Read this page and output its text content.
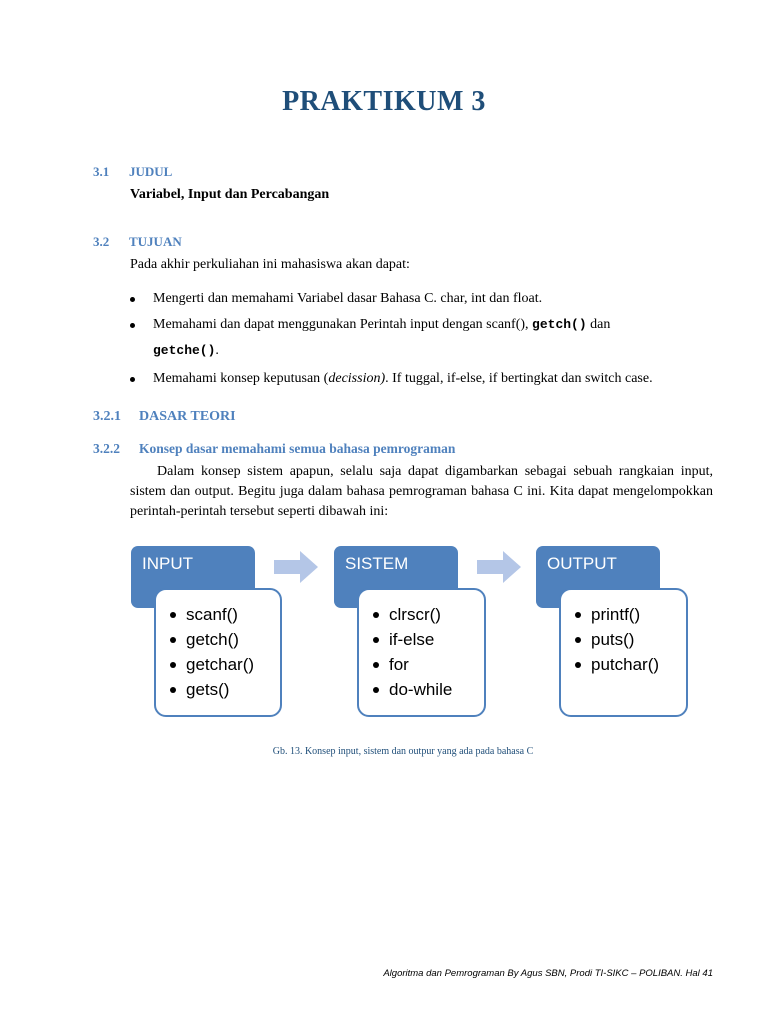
PRAKTIKUM 3
3.1 JUDUL
Variabel, Input dan Percabangan
3.2 TUJUAN
Pada akhir perkuliahan ini mahasiswa akan dapat:
Mengerti dan memahami Variabel dasar Bahasa C. char, int dan float.
Memahami dan dapat menggunakan Perintah input dengan scanf(), getch() dan
getche().
Memahami konsep keputusan (decission). If tuggal, if-else, if bertingkat dan switch case.
3.2.1 DASAR TEORI
3.2.2 Konsep dasar memahami semua bahasa pemrograman
Dalam konsep sistem apapun, selalu saja dapat digambarkan sebagai sebuah rangkaian input, sistem dan output. Begitu juga dalam bahasa pemrograman bahasa C ini. Kita dapat mengelompokkan perintah-perintah tersebut seperti dibawah ini:
INPUT
scanf()
getch()
getchar()
gets()
SISTEM
clrscr()
if-else
for
do-while
OUTPUT
printf()
puts()
putchar()
Gb. 13. Konsep input, sistem dan outpur yang ada pada bahasa C
Algoritma dan Pemrograman By Agus SBN, Prodi TI-SIKC – POLIBAN. Hal 41
